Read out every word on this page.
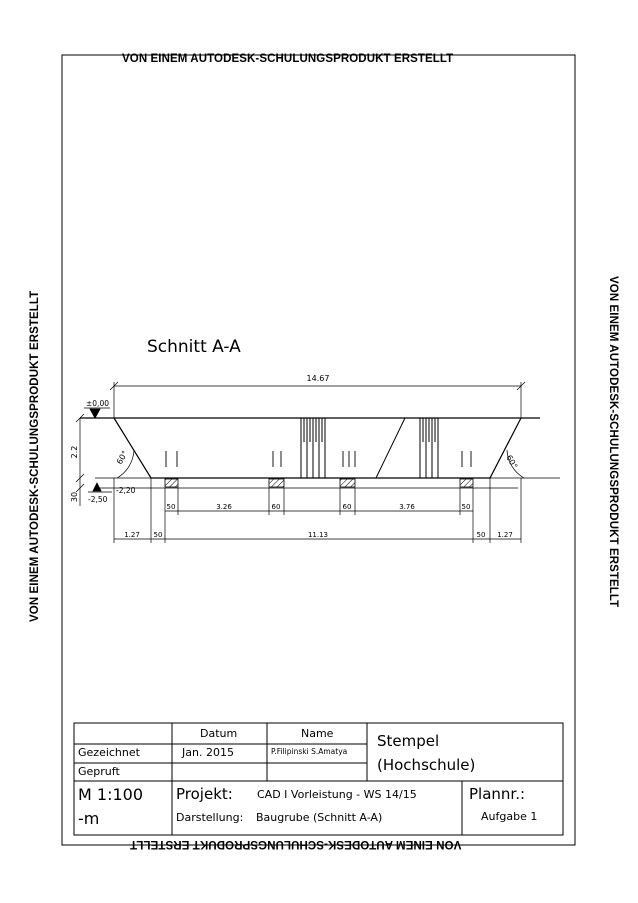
VON EINEM AUTODESK-SCHULUNGSPRODUKT ERSTELLT
VON EINEM AUTODESK-SCHULUNGSPRODUKT ERSTELLT
VON EINEM AUTODESK-SCHULUNGSPRODUKT ERSTELLT	VON EINEM AUTODESK-SCHULUNGSPRODUKT ERSTELLT
Schnitt A-A
14.67
±0,00
-2,50
-2,20
2.2
30
60°	60°
50	3.26	60	60	3.76	50
1.27 50	11.13	50 1.27
Datum	Name	Stempel
(Hochschule)
Gezeichnet	Jan. 2015	P.Filipinski S.Amatya
Gepruft
M 1:100
-m
Projekt: CAD I Vorleistung - WS 14/15
Darstellung: Baugrube (Schnitt A-A)
Plannr.:
Aufgabe 1
